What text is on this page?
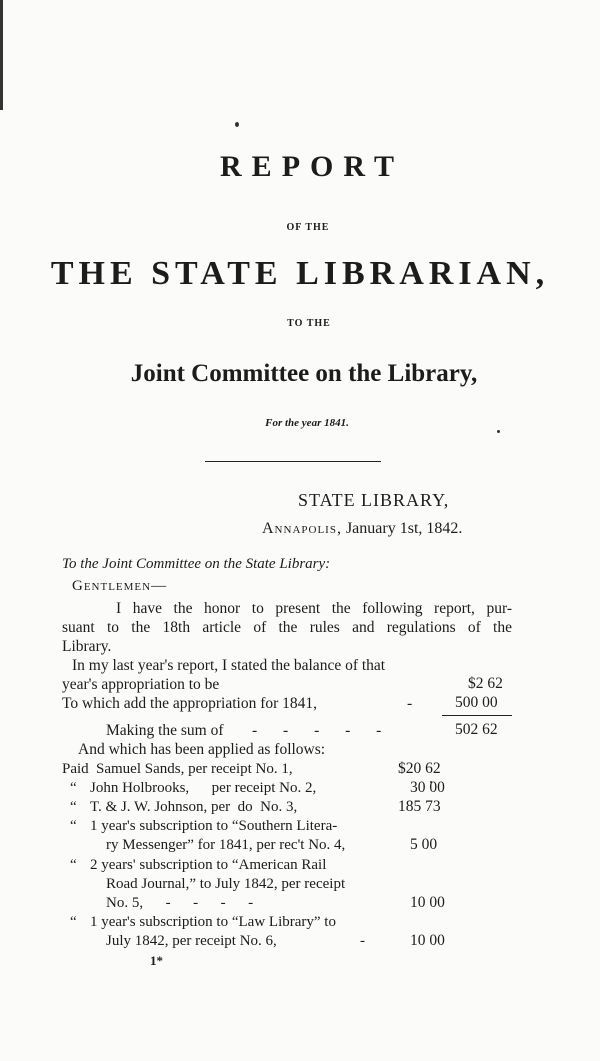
REPORT
OF THE
THE STATE LIBRARIAN,
TO THE
Joint Committee on the Library,
For the year 1841.
STATE LIBRARY,
Annapolis, January 1st, 1842.
To the Joint Committee on the State Library:
Gentlemen—
I have the honor to present the following report, pur-
suant to the 18th article of the rules and regulations of the
Library.
In my last year's report, I stated the balance of that
year's appropriation to be	$2 62
To which add the appropriation for 1841,	-	500 00
Making the sum of - - - - -	502 62
And which has been applied as follows:
Paid Samuel Sands, per receipt No. 1,	$20 62
“ John Holbrooks,      per receipt No. 2,	30 00
“ T. & J. W. Johnson, per  do  No. 3,	185 73
“ 1 year's subscription to “Southern Litera-
ry Messenger” for 1841, per rec't No. 4,	5 00
“ 2 years' subscription to “American Rail
Road Journal,” to July 1842, per receipt
No. 5,      -      -      -      -	10 00
“ 1 year's subscription to “Law Library” to
July 1842, per receipt No. 6,	-	10 00
1*
